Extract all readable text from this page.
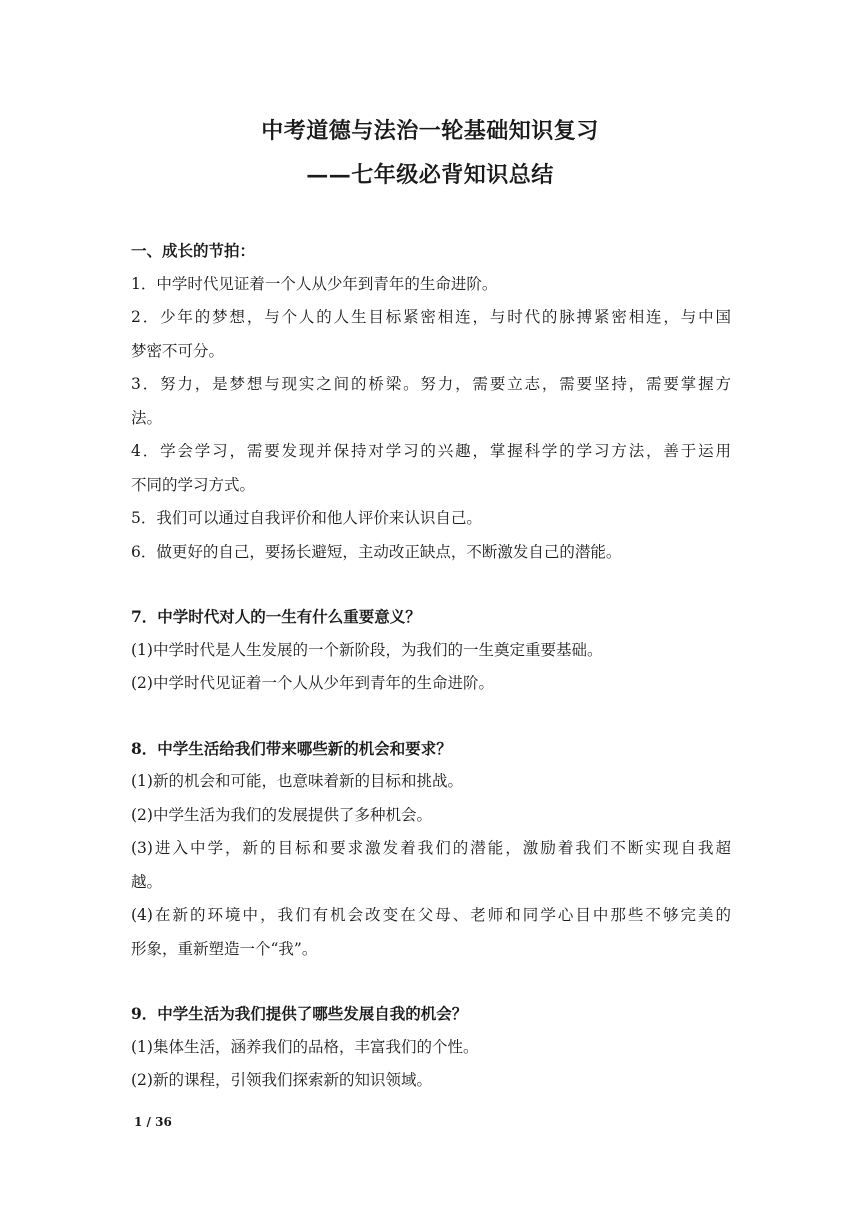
中考道德与法治一轮基础知识复习
——七年级必背知识总结
一、成长的节拍：
1．中学时代见证着一个人从少年到青年的生命进阶。
2．少年的梦想，与个人的人生目标紧密相连，与时代的脉搏紧密相连，与中国
梦密不可分。
3．努力，是梦想与现实之间的桥梁。努力，需要立志，需要坚持，需要掌握方
法。
4．学会学习，需要发现并保持对学习的兴趣，掌握科学的学习方法，善于运用
不同的学习方式。
5．我们可以通过自我评价和他人评价来认识自己。
6．做更好的自己，要扬长避短，主动改正缺点，不断激发自己的潜能。
7．中学时代对人的一生有什么重要意义？
(1)中学时代是人生发展的一个新阶段，为我们的一生奠定重要基础。
(2)中学时代见证着一个人从少年到青年的生命进阶。
8．中学生活给我们带来哪些新的机会和要求？
(1)新的机会和可能，也意味着新的目标和挑战。
(2)中学生活为我们的发展提供了多种机会。
(3)进入中学，新的目标和要求激发着我们的潜能，激励着我们不断实现自我超
越。
(4)在新的环境中，我们有机会改变在父母、老师和同学心目中那些不够完美的
形象，重新塑造一个“我”。
9．中学生活为我们提供了哪些发展自我的机会？
(1)集体生活，涵养我们的品格，丰富我们的个性。
(2)新的课程，引领我们探索新的知识领域。
1 / 36
